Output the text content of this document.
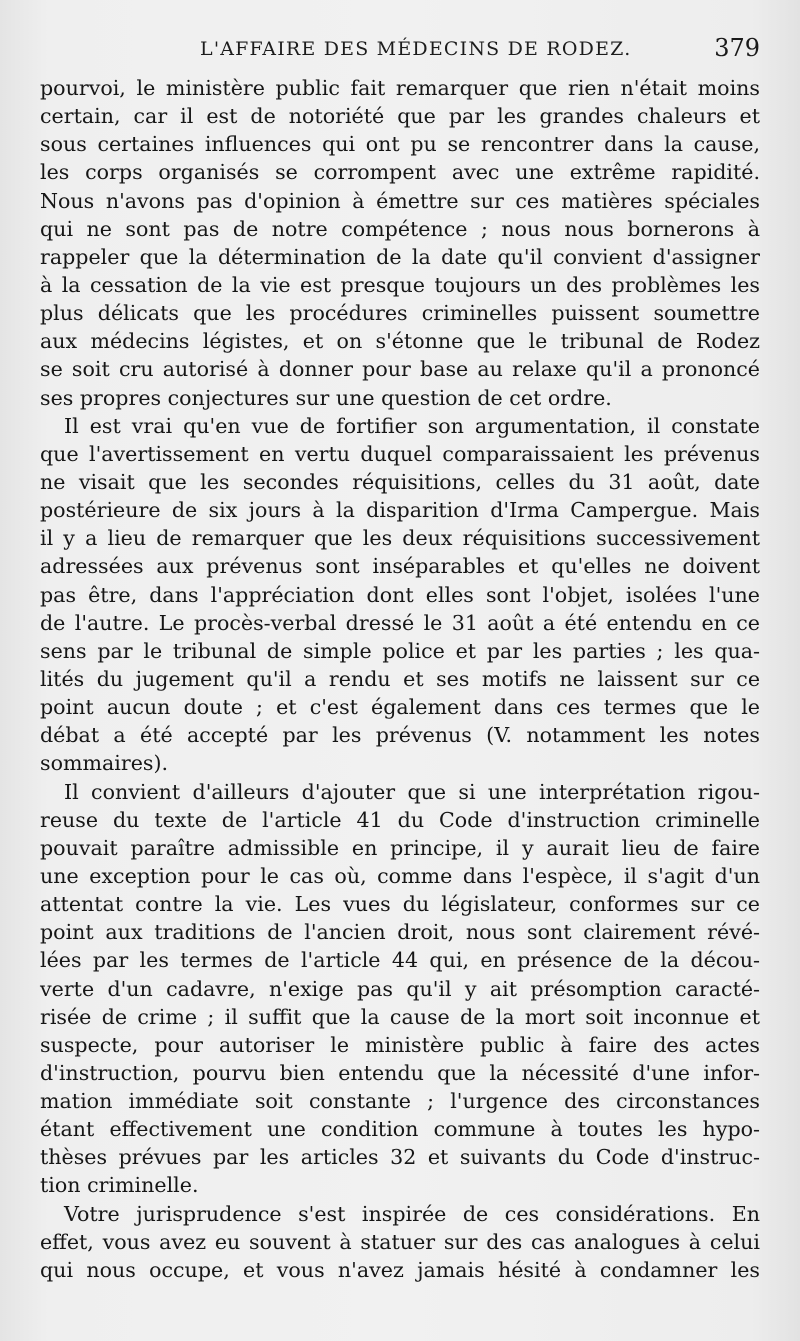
L'AFFAIRE DES MÉDECINS DE RODEZ.	379
pourvoi, le ministère public fait remarquer que rien n'était moins
certain, car il est de notoriété que par les grandes chaleurs et
sous certaines influences qui ont pu se rencontrer dans la cause,
les corps organisés se corrompent avec une extrême rapidité.
Nous n'avons pas d'opinion à émettre sur ces matières spéciales
qui ne sont pas de notre compétence ; nous nous bornerons à
rappeler que la détermination de la date qu'il convient d'assigner
à la cessation de la vie est presque toujours un des problèmes les
plus délicats que les procédures criminelles puissent soumettre
aux médecins légistes, et on s'étonne que le tribunal de Rodez
se soit cru autorisé à donner pour base au relaxe qu'il a prononcé
ses propres conjectures sur une question de cet ordre.
Il est vrai qu'en vue de fortifier son argumentation, il constate
que l'avertissement en vertu duquel comparaissaient les prévenus
ne visait que les secondes réquisitions, celles du 31 août, date
postérieure de six jours à la disparition d'Irma Campergue. Mais
il y a lieu de remarquer que les deux réquisitions successivement
adressées aux prévenus sont inséparables et qu'elles ne doivent
pas être, dans l'appréciation dont elles sont l'objet, isolées l'une
de l'autre. Le procès-verbal dressé le 31 août a été entendu en ce
sens par le tribunal de simple police et par les parties ; les qua-
lités du jugement qu'il a rendu et ses motifs ne laissent sur ce
point aucun doute ; et c'est également dans ces termes que le
débat a été accepté par les prévenus (V. notamment les notes
sommaires).
Il convient d'ailleurs d'ajouter que si une interprétation rigou-
reuse du texte de l'article 41 du Code d'instruction criminelle
pouvait paraître admissible en principe, il y aurait lieu de faire
une exception pour le cas où, comme dans l'espèce, il s'agit d'un
attentat contre la vie. Les vues du législateur, conformes sur ce
point aux traditions de l'ancien droit, nous sont clairement révé-
lées par les termes de l'article 44 qui, en présence de la décou-
verte d'un cadavre, n'exige pas qu'il y ait présomption caracté-
risée de crime ; il suffit que la cause de la mort soit inconnue et
suspecte, pour autoriser le ministère public à faire des actes
d'instruction, pourvu bien entendu que la nécessité d'une infor-
mation immédiate soit constante ; l'urgence des circonstances
étant effectivement une condition commune à toutes les hypo-
thèses prévues par les articles 32 et suivants du Code d'instruc-
tion criminelle.
Votre jurisprudence s'est inspirée de ces considérations. En
effet, vous avez eu souvent à statuer sur des cas analogues à celui
qui nous occupe, et vous n'avez jamais hésité à condamner les
